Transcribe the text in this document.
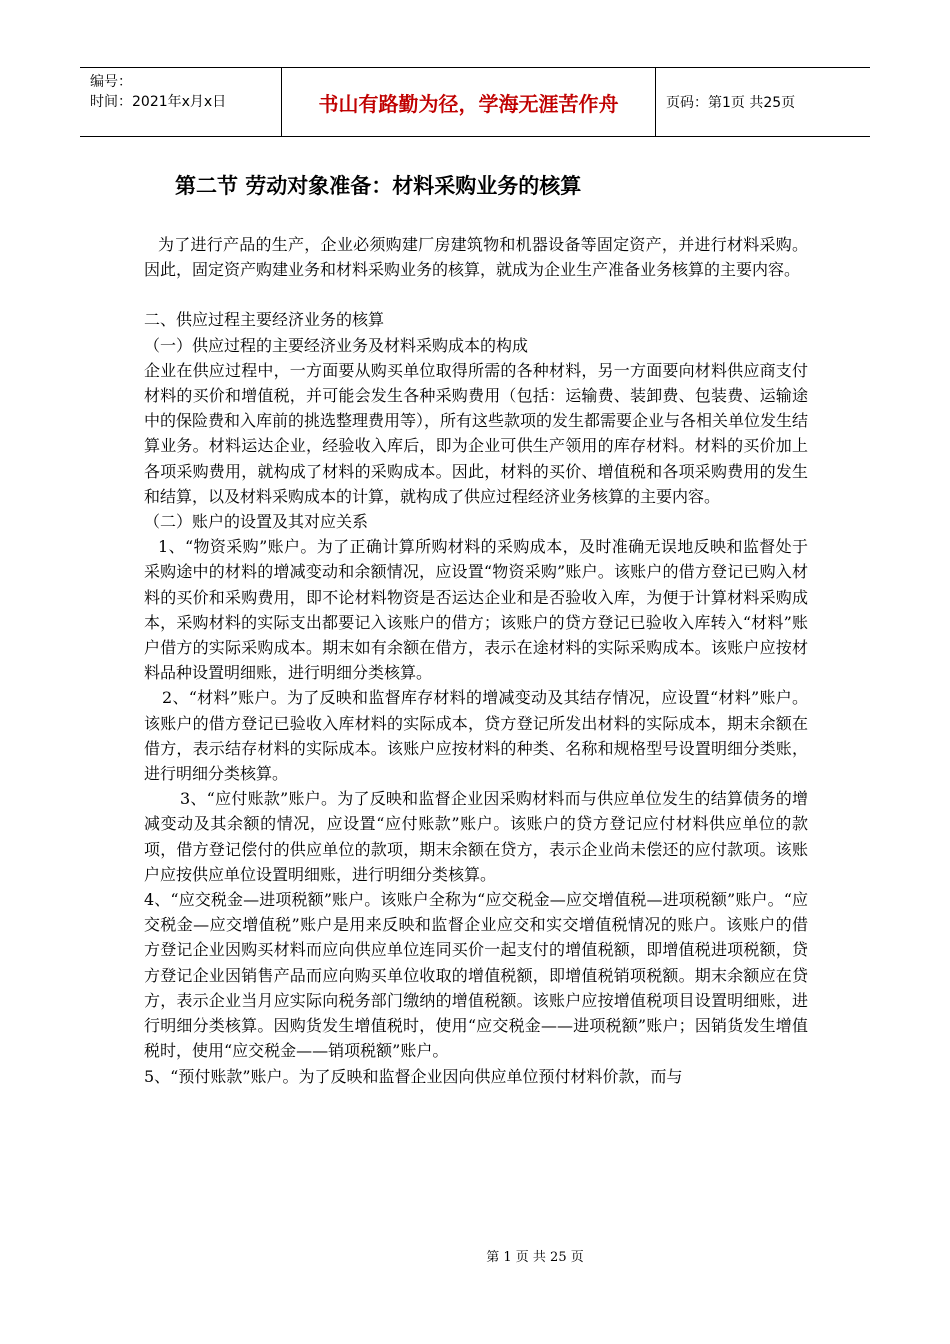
编号：
时间：2021年x月x日	书山有路勤为径，学海无涯苦作舟	页码：第1页 共25页
第二节 劳动对象准备：材料采购业务的核算

为了进行产品的生产，企业必须购建厂房建筑物和机器设备等固定资产，并进行材料采购。因此，固定资产购建业务和材料采购业务的核算，就成为企业生产准备业务核算的主要内容。

二、供应过程主要经济业务的核算

（一）供应过程的主要经济业务及材料采购成本的构成

企业在供应过程中，一方面要从购买单位取得所需的各种材料，另一方面要向材料供应商支付材料的买价和增值税，并可能会发生各种采购费用（包括：运输费、装卸费、包装费、运输途中的保险费和入库前的挑选整理费用等），所有这些款项的发生都需要企业与各相关单位发生结算业务。材料运达企业，经验收入库后，即为企业可供生产领用的库存材料。材料的买价加上各项采购费用，就构成了材料的采购成本。因此，材料的买价、增值税和各项采购费用的发生和结算，以及材料采购成本的计算，就构成了供应过程经济业务核算的主要内容。

（二）账户的设置及其对应关系

1、“物资采购”账户。为了正确计算所购材料的采购成本，及时准确无误地反映和监督处于采购途中的材料的增减变动和余额情况，应设置“物资采购”账户。该账户的借方登记已购入材料的买价和采购费用，即不论材料物资是否运达企业和是否验收入库，为便于计算材料采购成本，采购材料的实际支出都要记入该账户的借方；该账户的贷方登记已验收入库转入“材料”账户借方的实际采购成本。期末如有余额在借方，表示在途材料的实际采购成本。该账户应按材料品种设置明细账，进行明细分类核算。

2、“材料”账户。为了反映和监督库存材料的增减变动及其结存情况，应设置“材料”账户。该账户的借方登记已验收入库材料的实际成本，贷方登记所发出材料的实际成本，期末余额在借方，表示结存材料的实际成本。该账户应按材料的种类、名称和规格型号设置明细分类账，进行明细分类核算。

3、“应付账款”账户。为了反映和监督企业因采购材料而与供应单位发生的结算债务的增减变动及其余额的情况，应设置“应付账款”账户。该账户的贷方登记应付材料供应单位的款项，借方登记偿付的供应单位的款项，期末余额在贷方，表示企业尚未偿还的应付款项。该账户应按供应单位设置明细账，进行明细分类核算。

4、“应交税金—进项税额”账户。该账户全称为“应交税金—应交增值税—进项税额”账户。“应交税金—应交增值税”账户是用来反映和监督企业应交和实交增值税情况的账户。该账户的借方登记企业因购买材料而应向供应单位连同买价一起支付的增值税额，即增值税进项税额，贷方登记企业因销售产品而应向购买单位收取的增值税额，即增值税销项税额。期末余额应在贷方，表示企业当月应实际向税务部门缴纳的增值税额。该账户应按增值税项目设置明细账，进行明细分类核算。因购货发生增值税时，使用“应交税金——进项税额”账户；因销货发生增值税时，使用“应交税金——销项税额”账户。

5、“预付账款”账户。为了反映和监督企业因向供应单位预付材料价款，而与

第 1 页 共 25 页
